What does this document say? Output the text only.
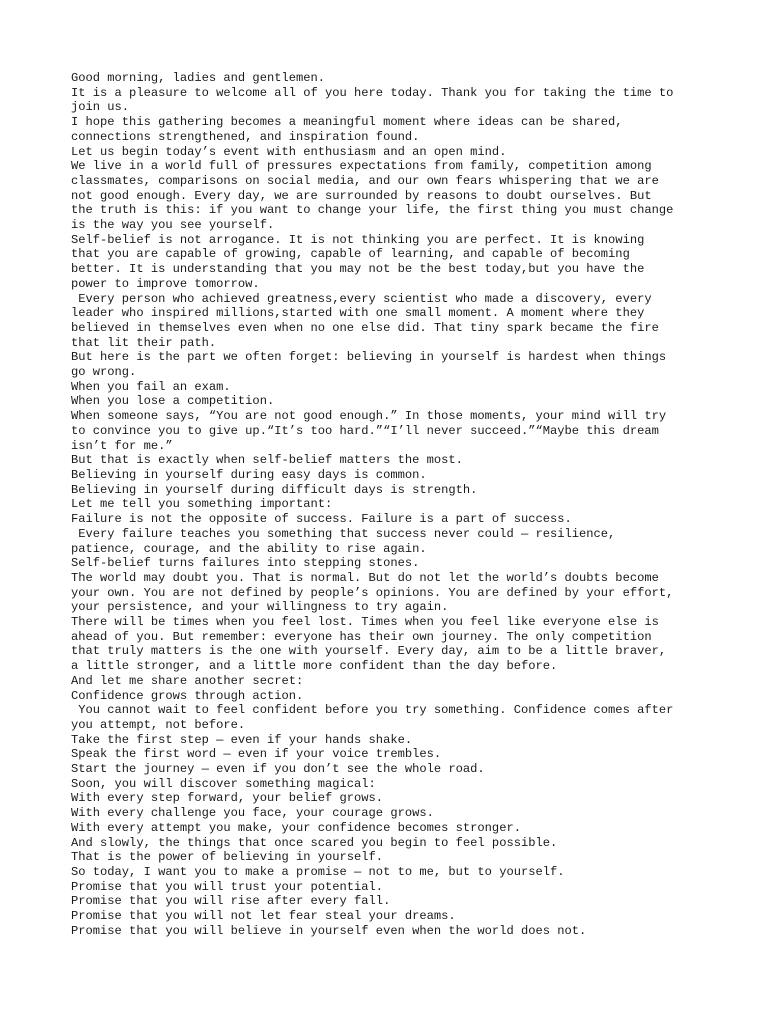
Good morning, ladies and gentlemen.
It is a pleasure to welcome all of you here today. Thank you for taking the time to
join us.
I hope this gathering becomes a meaningful moment where ideas can be shared,
connections strengthened, and inspiration found.
Let us begin today’s event with enthusiasm and an open mind.
We live in a world full of pressures expectations from family, competition among
classmates, comparisons on social media, and our own fears whispering that we are
not good enough. Every day, we are surrounded by reasons to doubt ourselves. But
the truth is this: if you want to change your life, the first thing you must change
is the way you see yourself.
Self-belief is not arrogance. It is not thinking you are perfect. It is knowing
that you are capable of growing, capable of learning, and capable of becoming
better. It is understanding that you may not be the best today,but you have the
power to improve tomorrow.
Every person who achieved greatness,every scientist who made a discovery, every
leader who inspired millions,started with one small moment. A moment where they
believed in themselves even when no one else did. That tiny spark became the fire
that lit their path.
But here is the part we often forget: believing in yourself is hardest when things
go wrong.
When you fail an exam.
When you lose a competition.
When someone says, “You are not good enough.” In those moments, your mind will try
to convince you to give up.“It’s too hard.”“I’ll never succeed.”“Maybe this dream
isn’t for me.”
But that is exactly when self-belief matters the most.
Believing in yourself during easy days is common.
Believing in yourself during difficult days is strength.
Let me tell you something important:
Failure is not the opposite of success. Failure is a part of success.
Every failure teaches you something that success never could — resilience,
patience, courage, and the ability to rise again.
Self-belief turns failures into stepping stones.
The world may doubt you. That is normal. But do not let the world’s doubts become
your own. You are not defined by people’s opinions. You are defined by your effort,
your persistence, and your willingness to try again.
There will be times when you feel lost. Times when you feel like everyone else is
ahead of you. But remember: everyone has their own journey. The only competition
that truly matters is the one with yourself. Every day, aim to be a little braver,
a little stronger, and a little more confident than the day before.
And let me share another secret:
Confidence grows through action.
You cannot wait to feel confident before you try something. Confidence comes after
you attempt, not before.
Take the first step — even if your hands shake.
Speak the first word — even if your voice trembles.
Start the journey — even if you don’t see the whole road.
Soon, you will discover something magical:
With every step forward, your belief grows.
With every challenge you face, your courage grows.
With every attempt you make, your confidence becomes stronger.
And slowly, the things that once scared you begin to feel possible.
That is the power of believing in yourself.
So today, I want you to make a promise — not to me, but to yourself.
Promise that you will trust your potential.
Promise that you will rise after every fall.
Promise that you will not let fear steal your dreams.
Promise that you will believe in yourself even when the world does not.
